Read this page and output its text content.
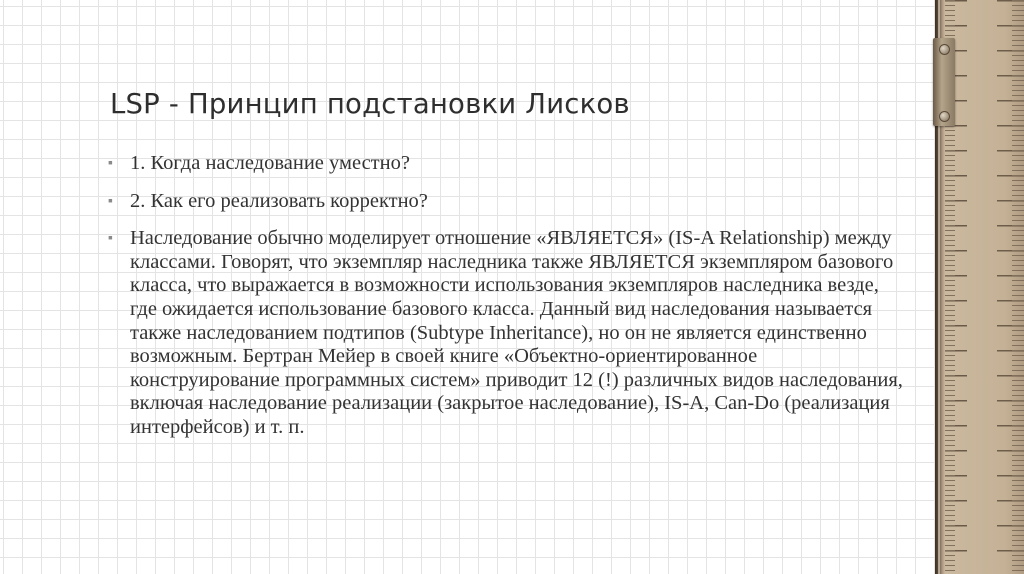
LSP - Принцип подстановки Лисков
▪ 1. Когда наследование уместно?
▪ 2. Как его реализовать корректно?
▪ Наследование обычно моделирует отношение «ЯВЛЯЕТСЯ» (IS-A Relationship) между классами. Говорят, что экземпляр наследника также ЯВЛЯЕТСЯ экземпляром базового класса, что выражается в возможности использования экземпляров наследника везде, где ожидается использование базового класса. Данный вид наследования называется также наследованием подтипов (Subtype Inheritance), но он не является единственно возможным. Бертран Мейер в своей книге «Объектно-ориентированное конструирование программных систем» приводит 12 (!) различных видов наследования, включая наследование реализации (закрытое наследование), IS-A, Can-Do (реализация интерфейсов) и т. п.
